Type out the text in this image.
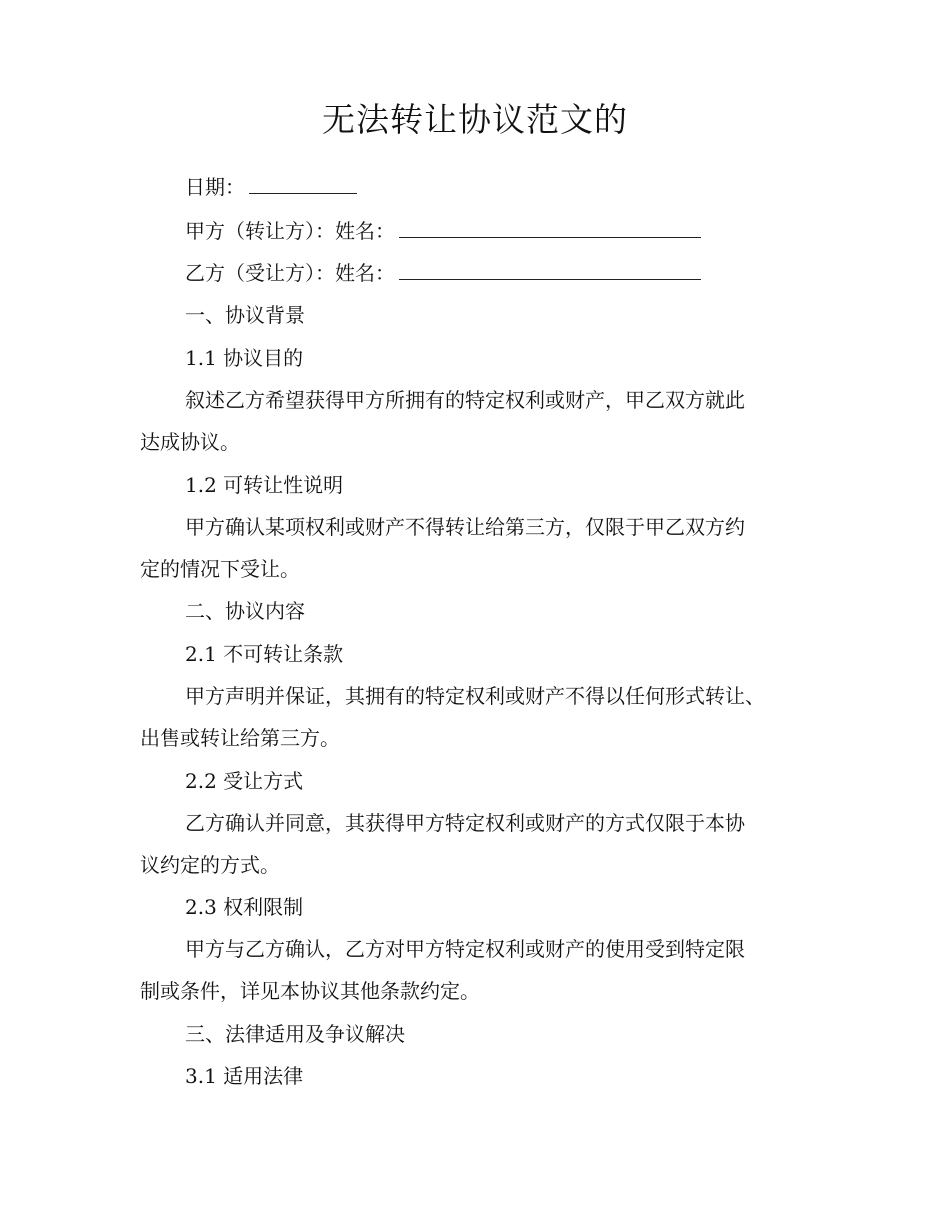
无法转让协议范文的

日期：

甲方（转让方）：姓名：

乙方（受让方）：姓名：

一、协议背景

1.1 协议目的

叙述乙方希望获得甲方所拥有的特定权利或财产，甲乙双方就此

达成协议。

1.2 可转让性说明

甲方确认某项权利或财产不得转让给第三方，仅限于甲乙双方约

定的情况下受让。

二、协议内容

2.1 不可转让条款

甲方声明并保证，其拥有的特定权利或财产不得以任何形式转让、

出售或转让给第三方。

2.2 受让方式

乙方确认并同意，其获得甲方特定权利或财产的方式仅限于本协

议约定的方式。

2.3 权利限制

甲方与乙方确认，乙方对甲方特定权利或财产的使用受到特定限

制或条件，详见本协议其他条款约定。

三、法律适用及争议解决

3.1 适用法律
